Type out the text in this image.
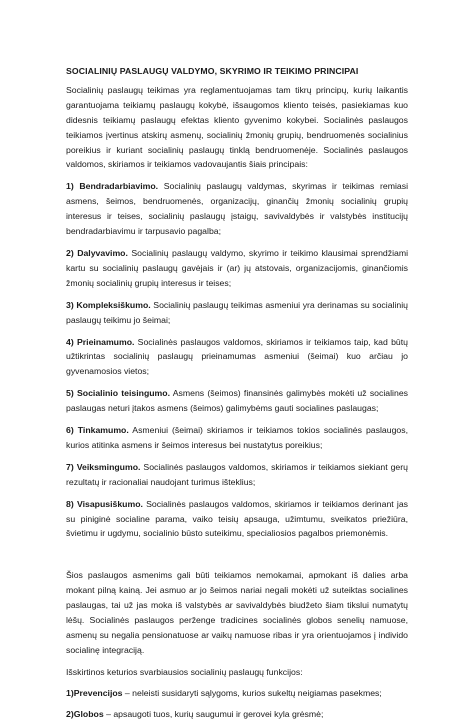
SOCIALINIŲ PASLAUGŲ VALDYMO, SKYRIMO IR TEIKIMO PRINCIPAI

Socialinių paslaugų teikimas yra reglamentuojamas tam tikrų principų, kurių laikantis garantuojama teikiamų paslaugų kokybė, išsaugomos kliento teisės, pasiekiamas kuo didesnis teikiamų paslaugų efektas kliento gyvenimo kokybei. Socialinės paslaugos teikiamos įvertinus atskirų asmenų, socialinių žmonių grupių, bendruomenės socialinius poreikius ir kuriant socialinių paslaugų tinklą bendruomenėje. Socialinės paslaugos valdomos, skiriamos ir teikiamos vadovaujantis šiais principais:

1) Bendradarbiavimo. Socialinių paslaugų valdymas, skyrimas ir teikimas remiasi asmens, šeimos, bendruomenės, organizacijų, ginančių žmonių socialinių grupių interesus ir teises, socialinių paslaugų įstaigų, savivaldybės ir valstybės institucijų bendradarbiavimu ir tarpusavio pagalba;

2) Dalyvavimo. Socialinių paslaugų valdymo, skyrimo ir teikimo klausimai sprendžiami kartu su socialinių paslaugų gavėjais ir (ar) jų atstovais, organizacijomis, ginančiomis žmonių socialinių grupių interesus ir teises;

3) Kompleksiškumo. Socialinių paslaugų teikimas asmeniui yra derinamas su socialinių paslaugų teikimu jo šeimai;

4) Prieinamumo. Socialinės paslaugos valdomos, skiriamos ir teikiamos taip, kad būtų užtikrintas socialinių paslaugų prieinamumas asmeniui (šeimai) kuo arčiau jo gyvenamosios vietos;

5) Socialinio teisingumo. Asmens (šeimos) finansinės galimybės mokėti už socialines paslaugas neturi įtakos asmens (šeimos) galimybėms gauti socialines paslaugas;

6) Tinkamumo. Asmeniui (šeimai) skiriamos ir teikiamos tokios socialinės paslaugos, kurios atitinka asmens ir šeimos interesus bei nustatytus poreikius;

7) Veiksmingumo. Socialinės paslaugos valdomos, skiriamos ir teikiamos siekiant gerų rezultatų ir racionaliai naudojant turimus išteklius;

8) Visapusiškumo. Socialinės paslaugos valdomos, skiriamos ir teikiamos derinant jas su piniginė socialine parama, vaiko teisių apsauga, užimtumu, sveikatos priežiūra, švietimu ir ugdymu, socialinio būsto suteikimu, specialiosios pagalbos priemonėmis.

Šios paslaugos asmenims gali būti teikiamos nemokamai, apmokant iš dalies arba mokant pilną kainą. Jei asmuo ar jo šeimos nariai negali mokėti už suteiktas socialines paslaugas, tai už jas moka iš valstybės ar savivaldybės biudžeto šiam tikslui numatytų lėšų. Socialinės paslaugos perženge tradicines socialinės globos senelių namuose, asmenų su negalia pensionatuose ar vaikų namuose ribas ir yra orientuojamos į individo socialinę integraciją.

Išskirtinos keturios svarbiausios socialinių paslaugų funkcijos:

1)Prevencijos – neleisti susidaryti sąlygoms, kurios sukeltų neigiamas pasekmes;

2)Globos – apsaugoti tuos, kurių saugumui ir gerovei kyla grėsmė;
